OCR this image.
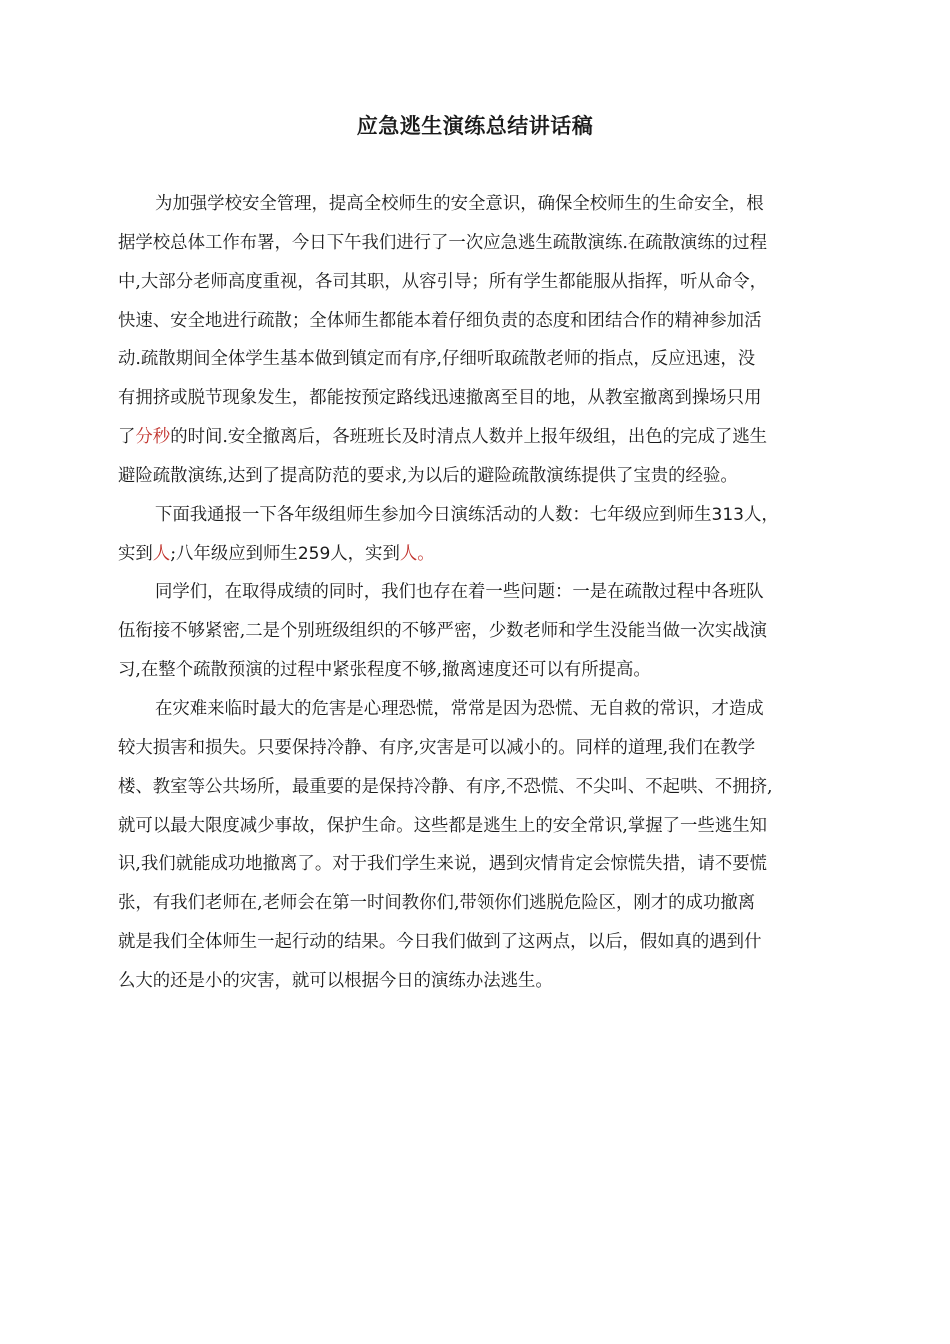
应急逃生演练总结讲话稿
为加强学校安全管理，提高全校师生的安全意识，确保全校师生的生命安全，根
据学校总体工作布署，今日下午我们进行了一次应急逃生疏散演练.在疏散演练的过程
中,大部分老师高度重视，各司其职，从容引导；所有学生都能服从指挥，听从命令，
快速、安全地进行疏散；全体师生都能本着仔细负责的态度和团结合作的精神参加活
动.疏散期间全体学生基本做到镇定而有序,仔细听取疏散老师的指点，反应迅速，没
有拥挤或脱节现象发生，都能按预定路线迅速撤离至目的地，从教室撤离到操场只用
了分秒的时间.安全撤离后，各班班长及时清点人数并上报年级组，出色的完成了逃生
避险疏散演练,达到了提高防范的要求,为以后的避险疏散演练提供了宝贵的经验。
下面我通报一下各年级组师生参加今日演练活动的人数：七年级应到师生313人，
实到人;八年级应到师生259人，实到人。
同学们，在取得成绩的同时，我们也存在着一些问题：一是在疏散过程中各班队
伍衔接不够紧密,二是个别班级组织的不够严密，少数老师和学生没能当做一次实战演
习,在整个疏散预演的过程中紧张程度不够,撤离速度还可以有所提高。
在灾难来临时最大的危害是心理恐慌，常常是因为恐慌、无自救的常识，才造成
较大损害和损失。只要保持冷静、有序,灾害是可以减小的。同样的道理,我们在教学
楼、教室等公共场所，最重要的是保持冷静、有序,不恐慌、不尖叫、不起哄、不拥挤,
就可以最大限度减少事故，保护生命。这些都是逃生上的安全常识,掌握了一些逃生知
识,我们就能成功地撤离了。对于我们学生来说，遇到灾情肯定会惊慌失措，请不要慌
张，有我们老师在,老师会在第一时间教你们,带领你们逃脱危险区，刚才的成功撤离
就是我们全体师生一起行动的结果。今日我们做到了这两点，以后，假如真的遇到什
么大的还是小的灾害，就可以根据今日的演练办法逃生。
